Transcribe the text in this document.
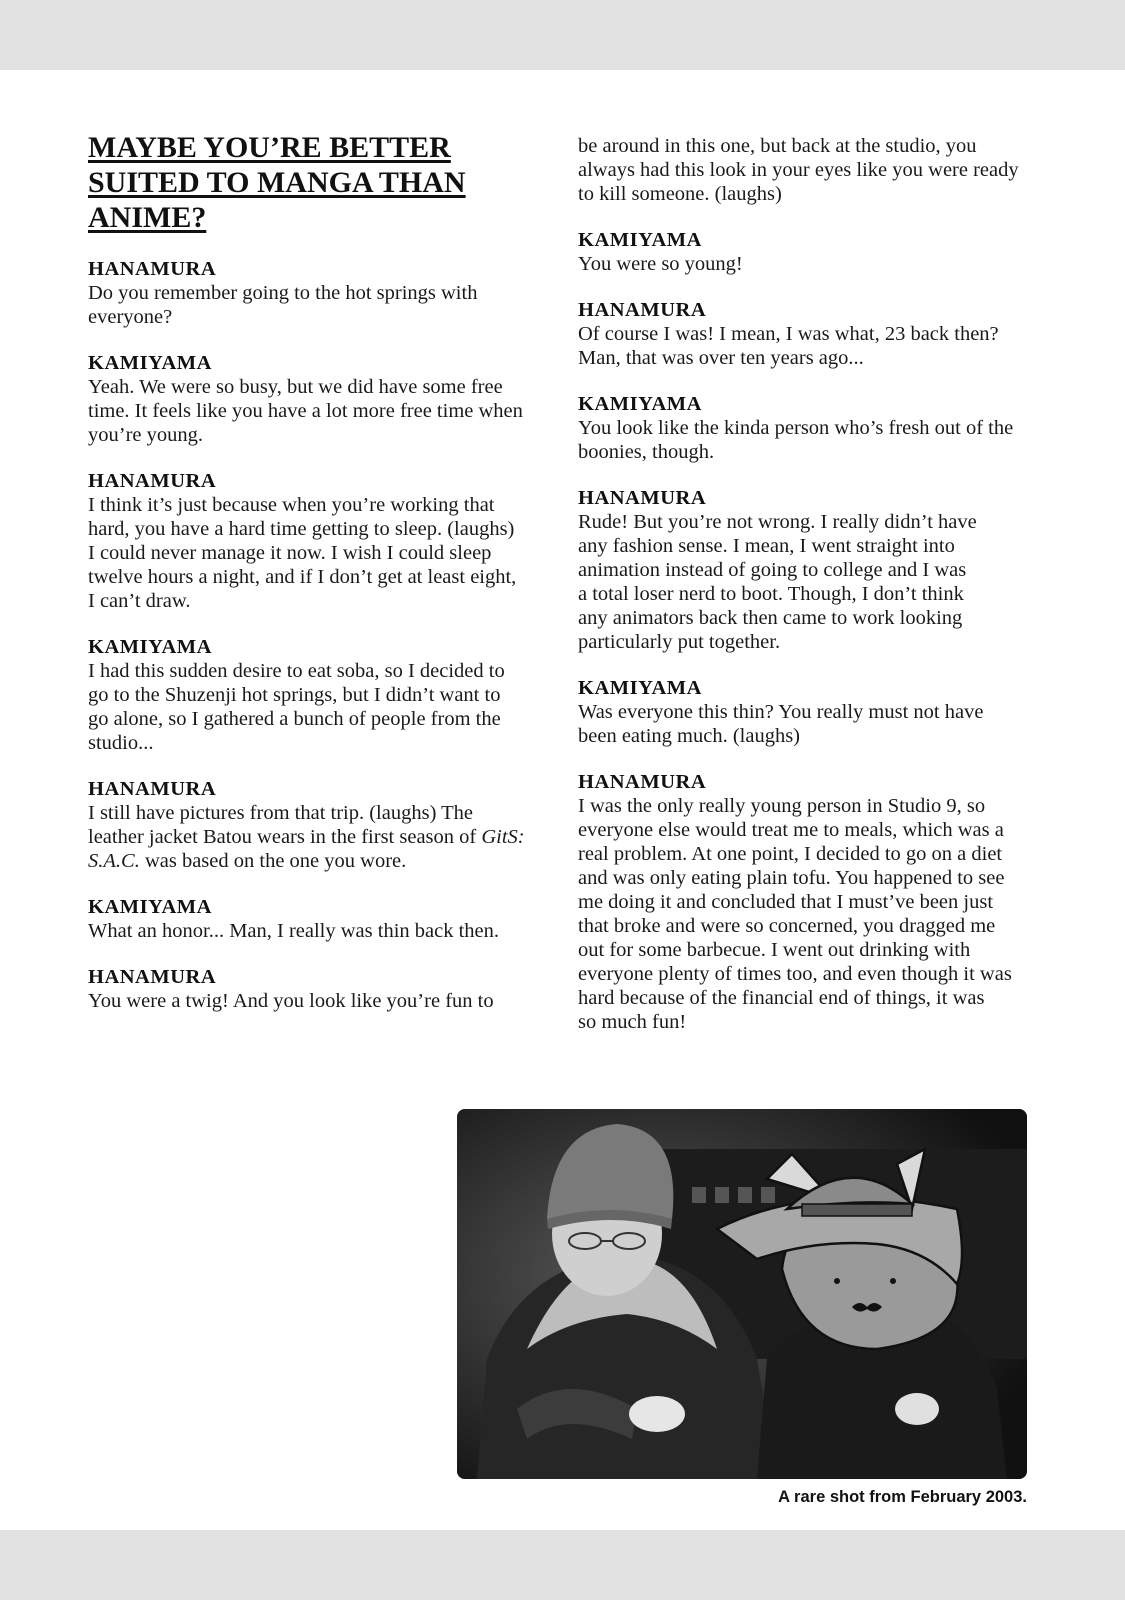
MAYBE YOU’RE BETTER
SUITED TO MANGA THAN
ANIME?
HANAMURA
Do you remember going to the hot springs with
everyone?
KAMIYAMA
Yeah. We were so busy, but we did have some free
time. It feels like you have a lot more free time when
you’re young.
HANAMURA
I think it’s just because when you’re working that
hard, you have a hard time getting to sleep. (laughs)
I could never manage it now. I wish I could sleep
twelve hours a night, and if I don’t get at least eight,
I can’t draw.
KAMIYAMA
I had this sudden desire to eat soba, so I decided to
go to the Shuzenji hot springs, but I didn’t want to
go alone, so I gathered a bunch of people from the
studio...
HANAMURA
I still have pictures from that trip. (laughs) The
leather jacket Batou wears in the first season of GitS:
S.A.C. was based on the one you wore.
KAMIYAMA
What an honor... Man, I really was thin back then.
HANAMURA
You were a twig! And you look like you’re fun to
be around in this one, but back at the studio, you
always had this look in your eyes like you were ready
to kill someone. (laughs)
KAMIYAMA
You were so young!
HANAMURA
Of course I was! I mean, I was what, 23 back then?
Man, that was over ten years ago...
KAMIYAMA
You look like the kinda person who’s fresh out of the
boonies, though.
HANAMURA
Rude! But you’re not wrong. I really didn’t have
any fashion sense. I mean, I went straight into
animation instead of going to college and I was
a total loser nerd to boot. Though, I don’t think
any animators back then came to work looking
particularly put together.
KAMIYAMA
Was everyone this thin? You really must not have
been eating much. (laughs)
HANAMURA
I was the only really young person in Studio 9, so
everyone else would treat me to meals, which was a
real problem. At one point, I decided to go on a diet
and was only eating plain tofu. You happened to see
me doing it and concluded that I must’ve been just
that broke and were so concerned, you dragged me
out for some barbecue. I went out drinking with
everyone plenty of times too, and even though it was
hard because of the financial end of things, it was
so much fun!
A rare shot from February 2003.
